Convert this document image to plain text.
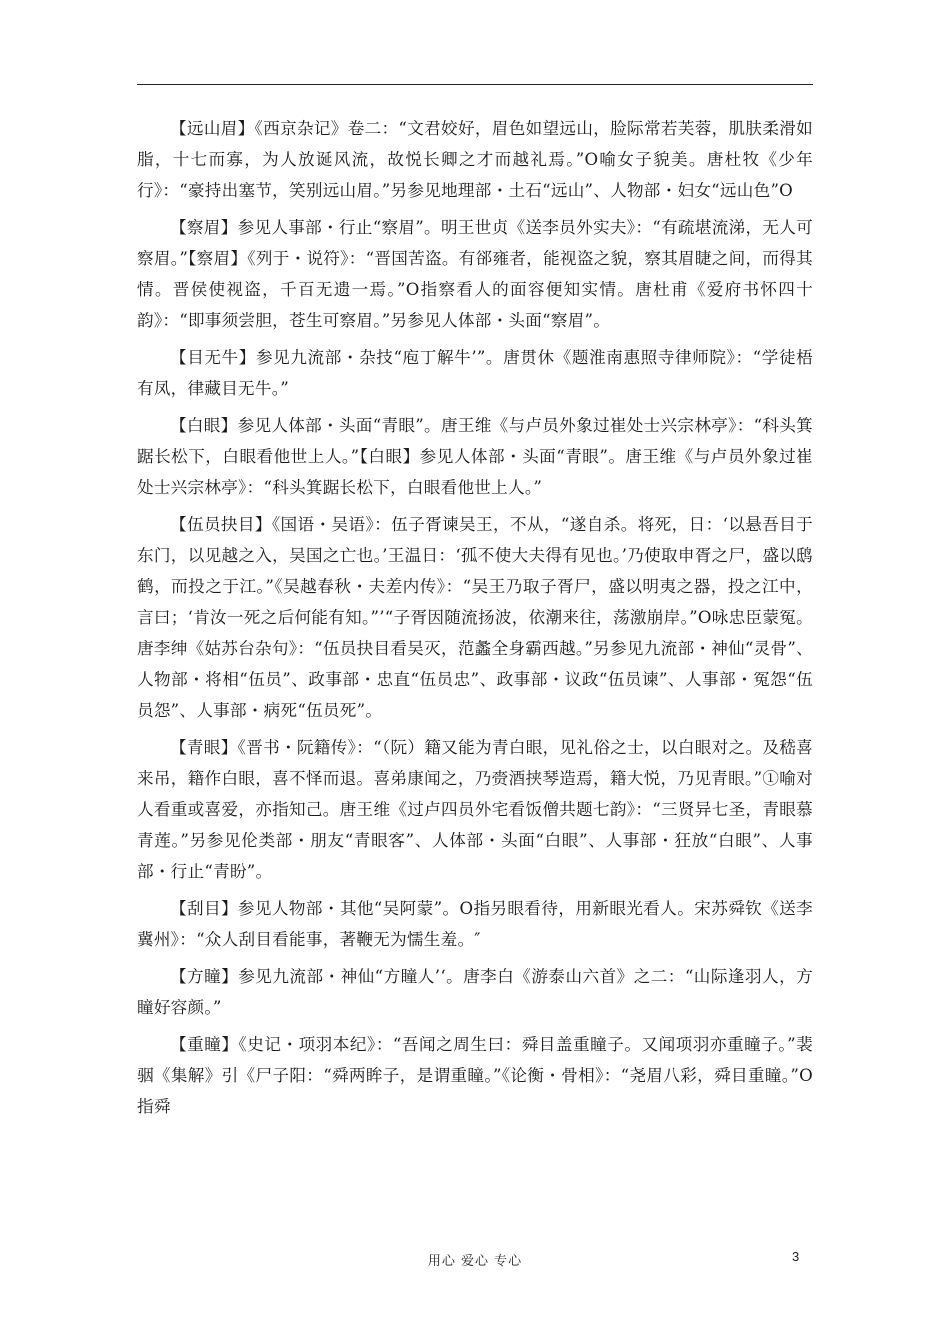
【远山眉】《西京杂记》卷二：“文君姣好，眉色如望远山，脸际常若芙蓉，肌肤柔滑如脂，十七而寡，为人放诞风流，故悦长卿之才而越礼焉。”O喻女子貌美。唐杜牧《少年行》：“豪持出塞节，笑别远山眉。”另参见地理部・土石“远山”、人物部・妇女“远山色”O

【察眉】参见人事部・行止“察眉”。明王世贞《送李员外实夫》：“有疏堪流涕，无人可察眉。”【察眉】《列于・说符》：“晋国苦盗。有郤雍者，能视盗之貌，察其眉睫之间，而得其情。晋侯使视盗，千百无遗一焉。”O指察看人的面容便知实情。唐杜甫《爱府书怀四十韵》：“即事须尝胆，苍生可察眉。”另参见人体部・头面“察眉”。

【目无牛】参见九流部・杂技“庖丁解牛’”。唐贯休《题淮南惠照寺律师院》：“学徒梧有凤，律藏目无牛。”

【白眼】参见人体部・头面“青眼”。唐王维《与卢员外象过崔处士兴宗林亭》：“科头箕踞长松下，白眼看他世上人。”【白眼】参见人体部・头面“青眼”。唐王维《与卢员外象过崔处士兴宗林亭》：“科头箕踞长松下，白眼看他世上人。”

【伍员抉目】《国语・吴语》：伍子胥谏吴王，不从，“遂自杀。将死，日：‘以悬吾目于东门，以见越之入，吴国之亡也。’王温日：‘孤不使大夫得有见也。’乃使取申胥之尸，盛以鸱鹤，而投之于江。”《吴越春秋・夫差内传》：“吴王乃取子胥尸，盛以明夷之器，投之江中，言曰；‘肯汝一死之后何能有知。”’“子胥因随流扬波，依潮来往，荡激崩岸。”O咏忠臣蒙冤。唐李绅《姑苏台杂句》：“伍员抉目看吴灭，范蠡全身霸西越。”另参见九流部・神仙“灵骨”、人物部・将相“伍员”、政事部・忠直“伍员忠”、政事部・议政“伍员谏”、人事部・冤怨“伍员怨”、人事部・病死“伍员死”。

【青眼】《晋书・阮籍传》：“（阮）籍又能为青白眼，见礼俗之士，以白眼对之。及嵇喜来吊，籍作白眼，喜不怿而退。喜弟康闻之，乃赍酒挟琴造焉，籍大悦，乃见青眼。”①喻对人看重或喜爱，亦指知己。唐王维《过卢四员外宅看饭僧共题七韵》：“三贤异七圣，青眼慕青莲。”另参见伦类部・朋友“青眼客”、人体部・头面“白眼”、人事部・狂放“白眼”、人事部・行止“青盼”。

【刮目】参见人物部・其他“吴阿蒙”。O指另眼看待，用新眼光看人。宋苏舜钦《送李冀州》：“众人刮目看能事，著鞭无为懦生羞。″

【方瞳】参见九流部・神仙“方瞳人’‘。唐李白《游泰山六首》之二：“山际逢羽人，方瞳好容颜。”

【重瞳】《史记・项羽本纪》：“吾闻之周生曰：舜目盖重瞳子。又闻项羽亦重瞳子。”裴骃《集解》引《尸子阳：“舜两眸子，是谓重瞳。”《论衡・骨相》：“尧眉八彩，舜目重瞳。”O指舜

用心 爱心 专心	3
